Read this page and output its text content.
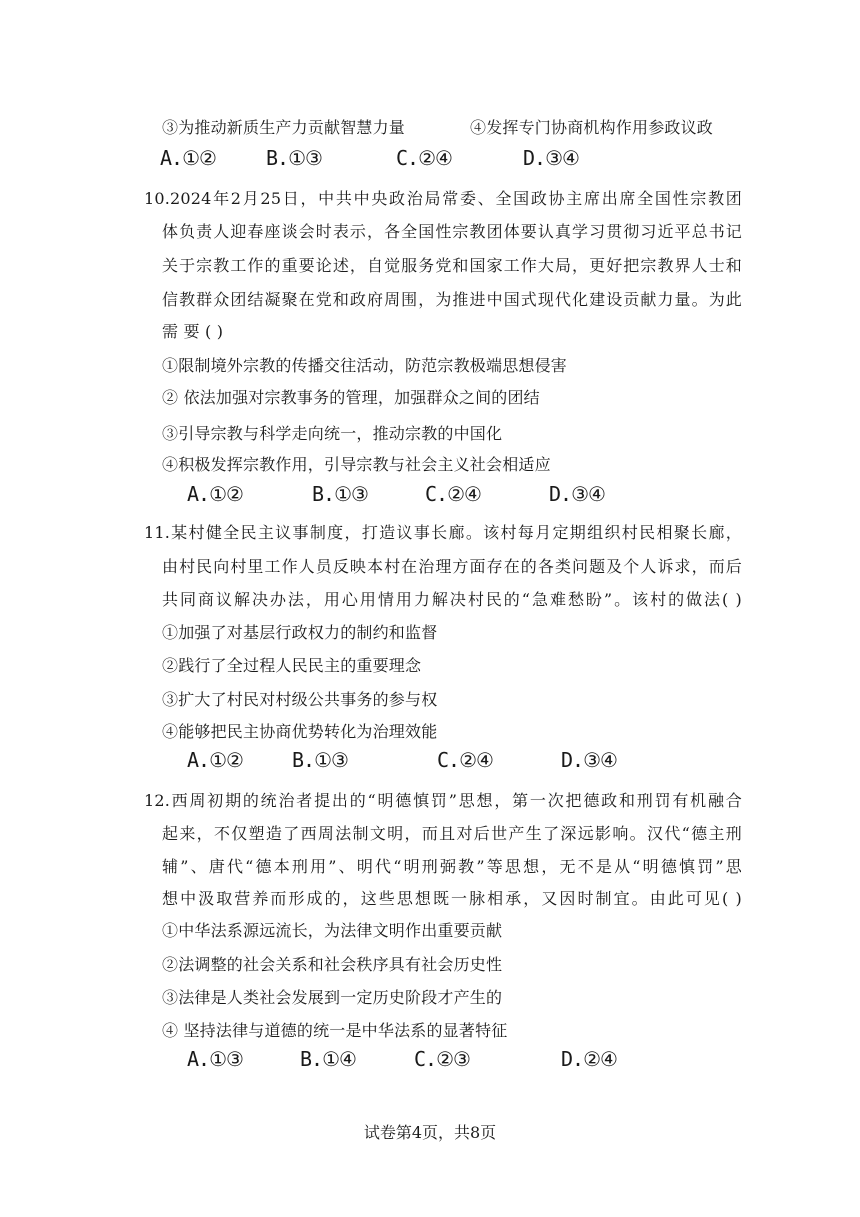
③为推动新质生产力贡献智慧力量	④发挥专门协商机构作用参政议政
A.①②	B.①③	C.②④	D.③④
10.2024年2月25日，中共中央政治局常委、全国政协主席出席全国性宗教团
体负责人迎春座谈会时表示，各全国性宗教团体要认真学习贯彻习近平总书记
关于宗教工作的重要论述，自觉服务党和国家工作大局，更好把宗教界人士和
信教群众团结凝聚在党和政府周围，为推进中国式现代化建设贡献力量。为此
需 要 ( )
①限制境外宗教的传播交往活动，防范宗教极端思想侵害
② 依法加强对宗教事务的管理，加强群众之间的团结
③引导宗教与科学走向统一，推动宗教的中国化
④积极发挥宗教作用，引导宗教与社会主义社会相适应
A.①②	B.①③	C.②④	D.③④
11.某村健全民主议事制度，打造议事长廊。该村每月定期组织村民相聚长廊，
由村民向村里工作人员反映本村在治理方面存在的各类问题及个人诉求，而后
共同商议解决办法，用心用情用力解决村民的“急难愁盼”。该村的做法( )
①加强了对基层行政权力的制约和监督
②践行了全过程人民民主的重要理念
③扩大了村民对村级公共事务的参与权
④能够把民主协商优势转化为治理效能
A.①② B.①③	C.②④	D.③④
12.西周初期的统治者提出的“明德慎罚”思想，第一次把德政和刑罚有机融合
起来，不仅塑造了西周法制文明，而且对后世产生了深远影响。汉代“德主刑
辅”、唐代“德本刑用”、明代“明刑弼教”等思想，无不是从“明德慎罚”思
想中汲取营养而形成的，这些思想既一脉相承，又因时制宜。由此可见( )
①中华法系源远流长，为法律文明作出重要贡献
②法调整的社会关系和社会秩序具有社会历史性
③法律是人类社会发展到一定历史阶段才产生的
④ 坚持法律与道德的统一是中华法系的显著特征
A.①③	B.①④	C.②③	D.②④
试卷第4页，共8页
